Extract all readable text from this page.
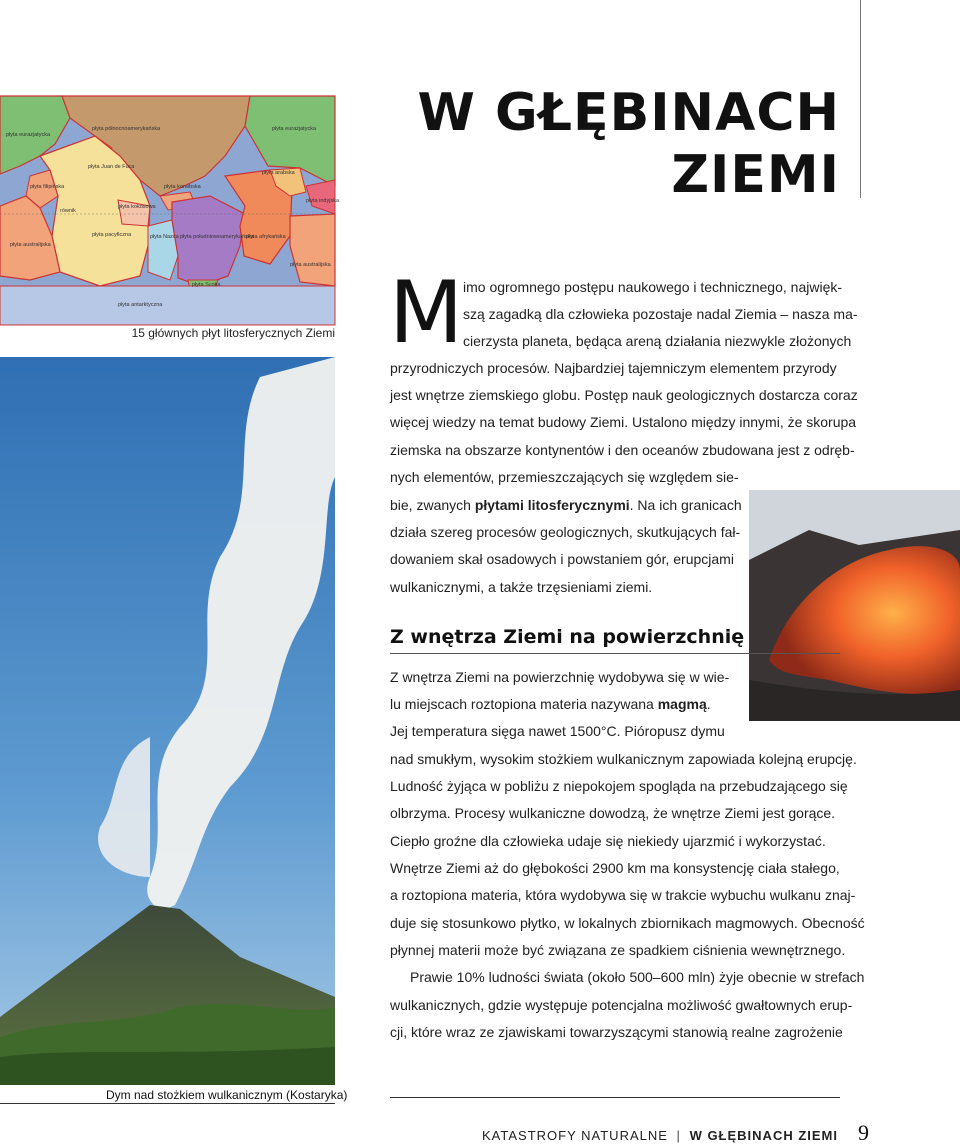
W GŁĘBINACH
ZIEMI
płyta eurazjatycka
płyta północnoamerykańska	płyta eurazjatycka
płyta Juan de Fuca
płyta filipińska	płyta karaibska
płyta kokosowa
płyta arabska
płyta indyjska
równik
płyta australijska
płyta pacyficzna	płyta Nazca płyta południowoamerykańska
płyta afrykańska
płyta australijska
płyta Scotia
płyta antarktyczna
15 głównych płyt litosferycznych Ziemi
Dym nad stożkiem wulkanicznym (Kostaryka)
M imo ogromnego postępu naukowego i technicznego, najwięk-
szą zagadką dla człowieka pozostaje nadal Ziemia – nasza ma-
cierzysta planeta, będąca areną działania niezwykle złożonych
przyrodniczych procesów. Najbardziej tajemniczym elementem przyrody
jest wnętrze ziemskiego globu. Postęp nauk geologicznych dostarcza coraz
więcej wiedzy na temat budowy Ziemi. Ustalono między innymi, że skorupa
ziemska na obszarze kontynentów i den oceanów zbudowana jest z odręb-
nych elementów, przemieszczających się względem sie-
bie, zwanych płytami litosferycznymi. Na ich granicach
działa szereg procesów geologicznych, skutkujących fał-
dowaniem skał osadowych i powstaniem gór, erupcjami
wulkanicznymi, a także trzęsieniami ziemi.
Z wnętrza Ziemi na powierzchnię
Z wnętrza Ziemi na powierzchnię wydobywa się w wie-
lu miejscach roztopiona materia nazywana magmą.
Jej temperatura sięga nawet 1500°C. Pióropusz dymu
nad smukłym, wysokim stożkiem wulkanicznym zapowiada kolejną erupcję.
Ludność żyjąca w pobliżu z niepokojem spogląda na przebudzającego się
olbrzyma. Procesy wulkaniczne dowodzą, że wnętrze Ziemi jest gorące.
Ciepło groźne dla człowieka udaje się niekiedy ujarzmić i wykorzystać.
Wnętrze Ziemi aż do głębokości 2900 km ma konsystencję ciała stałego,
a roztopiona materia, która wydobywa się w trakcie wybuchu wulkanu znaj-
duje się stosunkowo płytko, w lokalnych zbiornikach magmowych. Obecność
płynnej materii może być związana ze spadkiem ciśnienia wewnętrznego.
Prawie 10% ludności świata (około 500–600 mln) żyje obecnie w strefach
wulkanicznych, gdzie występuje potencjalna możliwość gwałtownych erup-
cji, które wraz ze zjawiskami towarzyszącymi stanowią realne zagrożenie
KATASTROFY NATURALNE | W GŁĘBINACH ZIEMI 9
